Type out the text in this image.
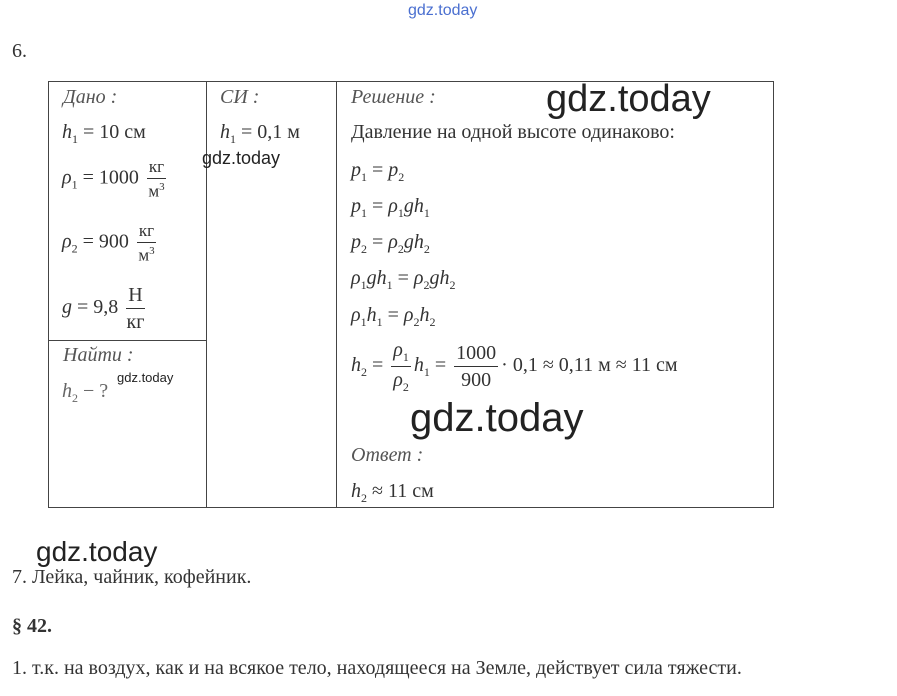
gdz.today
6.
Дано :
$h_1 = 10$ см
$\rho_1 = 1000 \frac{кг}{м^3}$
$\rho_2 = 900 \frac{кг}{м^3}$
$g = 9,8 \frac{Н}{кг}$
Найти :
$h_2$ − ?
gdz.today
СИ :
$h_1 = 0,1$ м
gdz.today
Решение :	gdz.today
Давление на одной высоте одинаково:
$p_1 = p_2$
$p_1 = \rho_1gh_1$
$p_2 = \rho_2gh_2$
$\rho_1gh_1 = \rho_2gh_2$
$\rho_1h_1 = \rho_2h_2$
$h_2 = \frac{\rho_1}{\rho_2} h_1 = \frac{1000}{900} \cdot 0,1 \approx 0,11$ м ≈ 11 см
gdz.today
Ответ :
$h_2 \approx 11$ см
gdz.today
7. Лейка, чайник, кофейник.
§ 42.
1. т.к. на воздух, как и на всякое тело, находящееся на Земле, действует сила тяжести.
